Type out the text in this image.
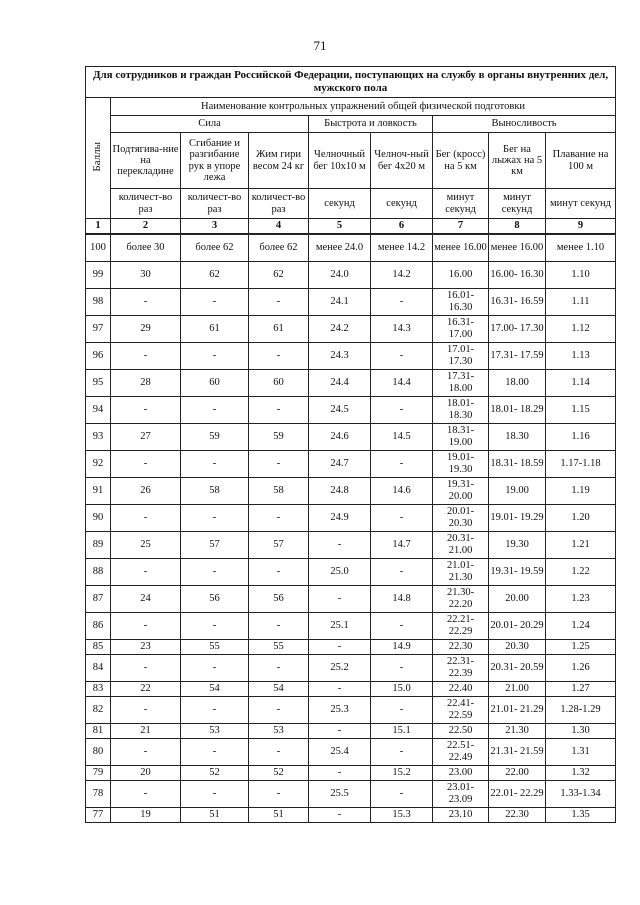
71
Для сотрудников и граждан Российской Федерации, поступающих на службу в органы внутренних дел, мужского пола								
Баллы	Наименование контрольных упражнений общей физической подготовки							
	Сила			Быстрота и ловкость		Выносливость		
	Подтягива-ние на перекладине	Сгибание и разгибание рук в упоре лежа	Жим гири весом 24 кг	Челночный бег 10х10 м	Челноч-ный бег 4х20 м	Бег (кросс) на 5 км	Бег на лыжах на 5 км	Плавание на 100 м
	количест-во раз	количест-во раз	количест-во раз	секунд	секунд	минут секунд	минут секунд	минут секунд
1	2	3	4	5	6	7	8	9
100	более 30	более 62	более 62	менее 24.0	менее 14.2	менее 16.00	менее 16.00	менее 1.10
99	30	62	62	24.0	14.2	16.00	16.00- 16.30	1.10
98	-	-	-	24.1	-	16.01- 16.30	16.31- 16.59	1.11
97	29	61	61	24.2	14.3	16.31- 17.00	17.00- 17.30	1.12
96	-	-	-	24.3	-	17.01- 17.30	17.31- 17.59	1.13
95	28	60	60	24.4	14.4	17.31- 18.00	18.00	1.14
94	-	-	-	24.5	-	18.01- 18.30	18.01- 18.29	1.15
93	27	59	59	24.6	14.5	18.31- 19.00	18.30	1.16
92	-	-	-	24.7	-	19.01- 19.30	18.31- 18.59	1.17-1.18
91	26	58	58	24.8	14.6	19.31- 20.00	19.00	1.19
90	-	-	-	24.9	-	20.01- 20.30	19.01- 19.29	1.20
89	25	57	57	-	14.7	20.31- 21.00	19.30	1.21
88	-	-	-	25.0	-	21.01- 21.30	19.31- 19.59	1.22
87	24	56	56	-	14.8	21.30- 22.20	20.00	1.23
86	-	-	-	25.1	-	22.21- 22.29	20.01- 20.29	1.24
85	23	55	55	-	14.9	22.30	20.30	1.25
84	-	-	-	25.2	-	22.31- 22.39	20.31- 20.59	1.26
83	22	54	54	-	15.0	22.40	21.00	1.27
82	-	-	-	25.3	-	22.41- 22.59	21.01- 21.29	1.28-1.29
81	21	53	53	-	15.1	22.50	21.30	1.30
80	-	-	-	25.4	-	22.51- 22.49	21.31- 21.59	1.31
79	20	52	52	-	15.2	23.00	22.00	1.32
78	-	-	-	25.5	-	23.01- 23.09	22.01- 22.29	1.33-1.34
77	19	51	51	-	15.3	23.10	22.30	1.35
